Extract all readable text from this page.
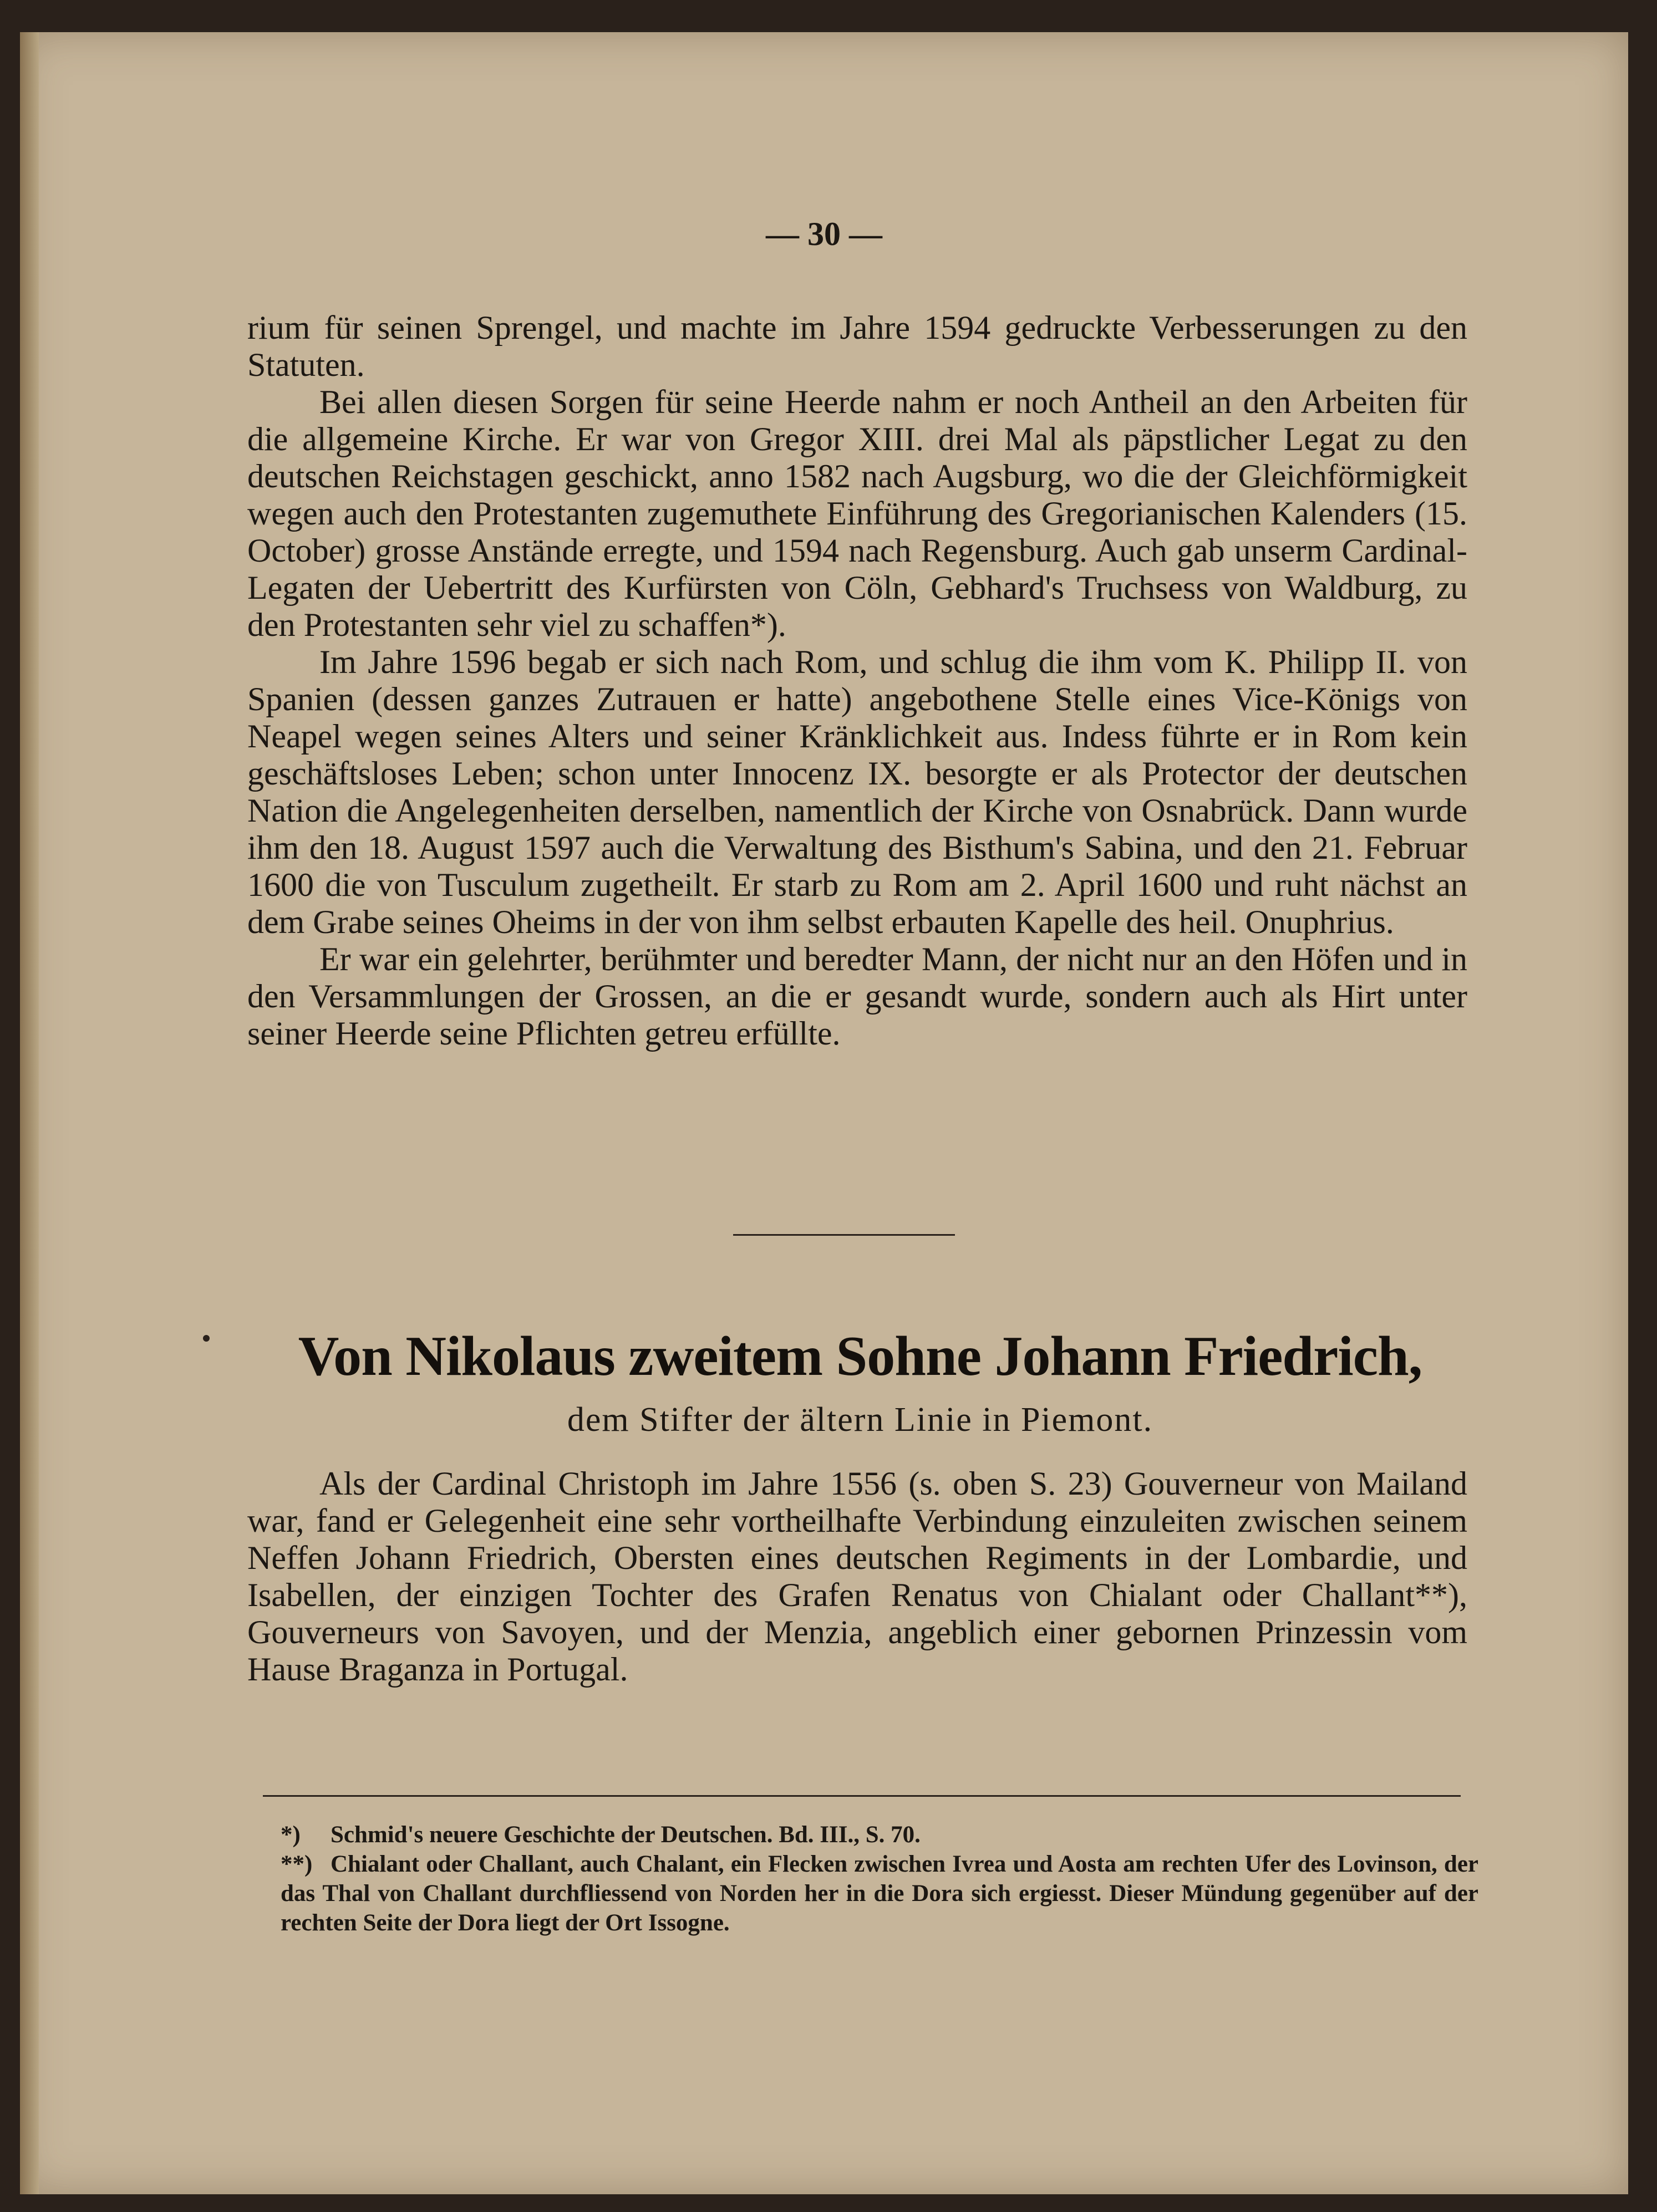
— 30 —

rium für seinen Sprengel, und machte im Jahre 1594 gedruckte Verbesserungen zu den Statuten.

Bei allen diesen Sorgen für seine Heerde nahm er noch Antheil an den Arbeiten für die allgemeine Kirche. Er war von Gregor XIII. drei Mal als päpstlicher Legat zu den deutschen Reichstagen geschickt, anno 1582 nach Augsburg, wo die der Gleichförmigkeit wegen auch den Protestanten zugemuthete Einführung des Gregorianischen Kalenders (15. October) grosse Anstände erregte, und 1594 nach Regensburg. Auch gab unserm Cardinal-Legaten der Uebertritt des Kurfürsten von Cöln, Gebhard's Truchsess von Waldburg, zu den Protestanten sehr viel zu schaffen*).

Im Jahre 1596 begab er sich nach Rom, und schlug die ihm vom K. Philipp II. von Spanien (dessen ganzes Zutrauen er hatte) angebothene Stelle eines Vice-Königs von Neapel wegen seines Alters und seiner Kränklichkeit aus. Indess führte er in Rom kein geschäftsloses Leben; schon unter Innocenz IX. besorgte er als Protector der deutschen Nation die Angelegenheiten derselben, namentlich der Kirche von Osnabrück. Dann wurde ihm den 18. August 1597 auch die Verwaltung des Bisthum's Sabina, und den 21. Februar 1600 die von Tusculum zugetheilt. Er starb zu Rom am 2. April 1600 und ruht nächst an dem Grabe seines Oheims in der von ihm selbst erbauten Kapelle des heil. Onuphrius.

Er war ein gelehrter, berühmter und beredter Mann, der nicht nur an den Höfen und in den Versammlungen der Grossen, an die er gesandt wurde, sondern auch als Hirt unter seiner Heerde seine Pflichten getreu erfüllte.

Von Nikolaus zweitem Sohne Johann Friedrich,
dem Stifter der ältern Linie in Piemont.

Als der Cardinal Christoph im Jahre 1556 (s. oben S. 23) Gouverneur von Mailand war, fand er Gelegenheit eine sehr vortheilhafte Verbindung einzuleiten zwischen seinem Neffen Johann Friedrich, Obersten eines deutschen Regiments in der Lombardie, und Isabellen, der einzigen Tochter des Grafen Renatus von Chialant oder Challant**), Gouverneurs von Savoyen, und der Menzia, angeblich einer gebornen Prinzessin vom Hause Braganza in Portugal.

*) Schmid's neuere Geschichte der Deutschen. Bd. III., S. 70.

**) Chialant oder Challant, auch Chalant, ein Flecken zwischen Ivrea und Aosta am rechten Ufer des Lovinson, der das Thal von Challant durchfliessend von Norden her in die Dora sich ergiesst. Dieser Mündung gegenüber auf der rechten Seite der Dora liegt der Ort Issogne.
